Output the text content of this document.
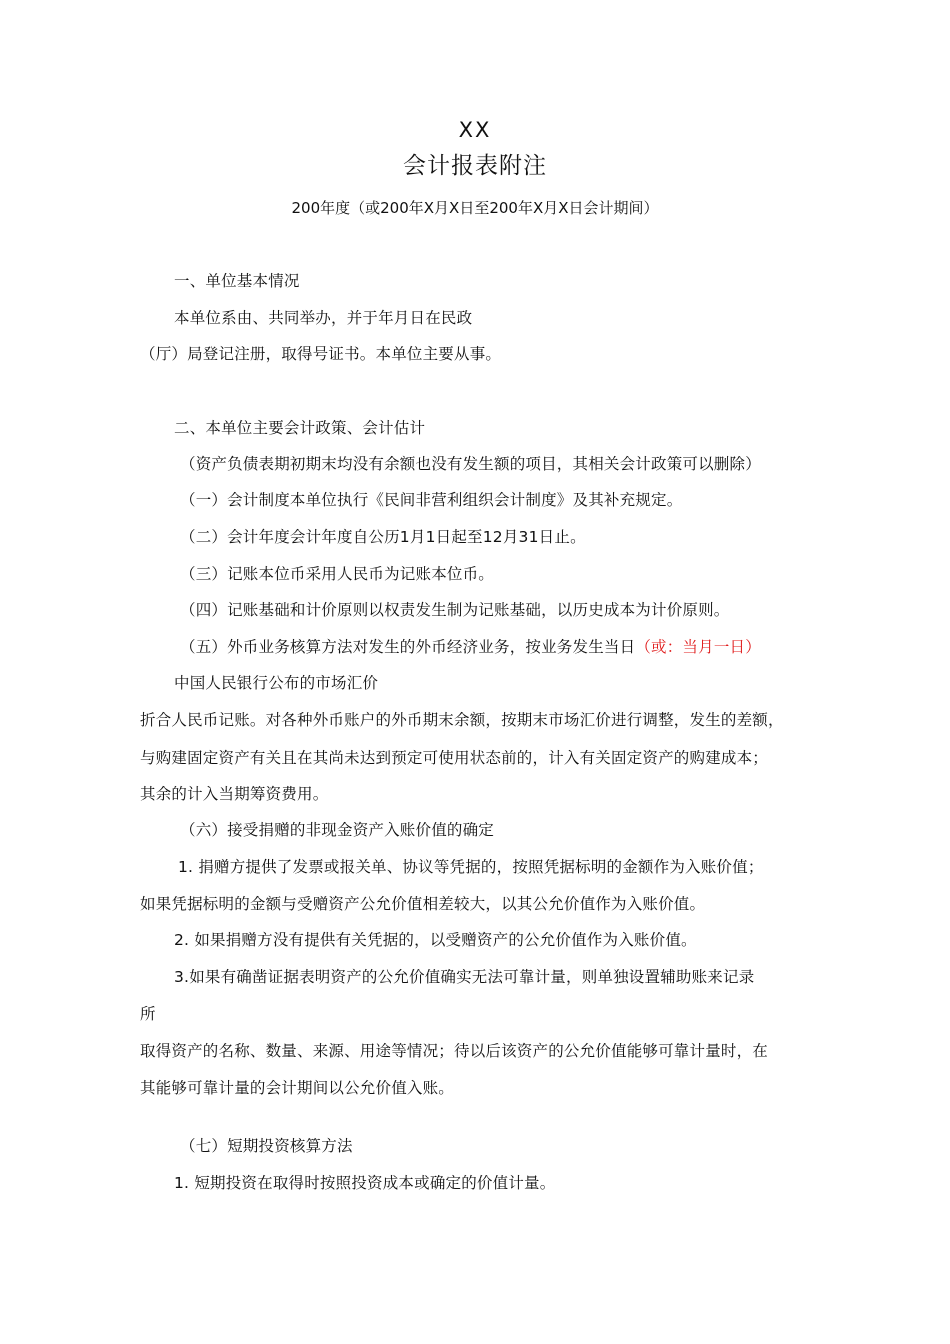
XX
会计报表附注
200年度（或200年X月X日至200年X月X日会计期间）
一、单位基本情况
本单位系由、共同举办，并于年月日在民政
（厅）局登记注册，取得号证书。本单位主要从事。
二、本单位主要会计政策、会计估计
（资产负债表期初期末均没有余额也没有发生额的项目，其相关会计政策可以删除）
（一）会计制度本单位执行《民间非营利组织会计制度》及其补充规定。
（二）会计年度会计年度自公历1月1日起至12月31日止。
（三）记账本位币采用人民币为记账本位币。
（四）记账基础和计价原则以权责发生制为记账基础，以历史成本为计价原则。
（五）外币业务核算方法对发生的外币经济业务，按业务发生当日（或：当月一日）
中国人民银行公布的市场汇价
折合人民币记账。对各种外币账户的外币期末余额，按期末市场汇价进行调整，发生的差额，
与购建固定资产有关且在其尚未达到预定可使用状态前的，计入有关固定资产的购建成本；
其余的计入当期筹资费用。
（六）接受捐赠的非现金资产入账价值的确定
1. 捐赠方提供了发票或报关单、协议等凭据的，按照凭据标明的金额作为入账价值；
如果凭据标明的金额与受赠资产公允价值相差较大，以其公允价值作为入账价值。
2. 如果捐赠方没有提供有关凭据的，以受赠资产的公允价值作为入账价值。
3.如果有确凿证据表明资产的公允价值确实无法可靠计量，则单独设置辅助账来记录
所
取得资产的名称、数量、来源、用途等情况；待以后该资产的公允价值能够可靠计量时，在
其能够可靠计量的会计期间以公允价值入账。
（七）短期投资核算方法
1. 短期投资在取得时按照投资成本或确定的价值计量。
